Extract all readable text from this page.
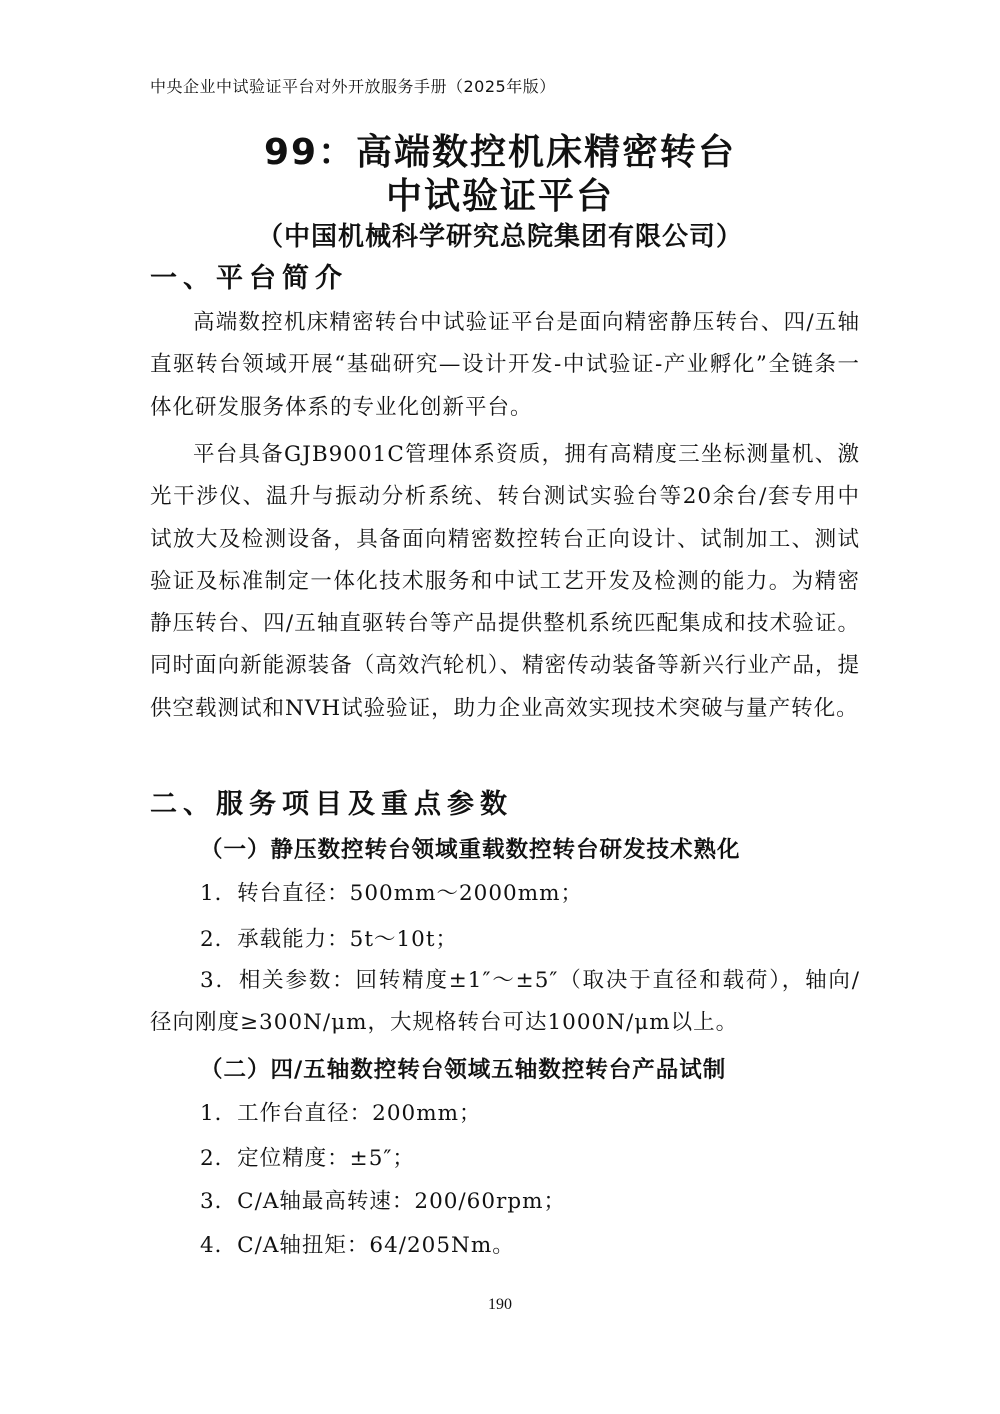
中央企业中试验证平台对外开放服务手册（2025年版）
99：高端数控机床精密转台
中试验证平台
（中国机械科学研究总院集团有限公司）
一、平台简介
高端数控机床精密转台中试验证平台是面向精密静压转台、四/五轴直驱转台领域开展“基础研究—设计开发-中试验证-产业孵化”全链条一体化研发服务体系的专业化创新平台。
平台具备GJB9001C管理体系资质，拥有高精度三坐标测量机、激光干涉仪、温升与振动分析系统、转台测试实验台等20余台/套专用中试放大及检测设备，具备面向精密数控转台正向设计、试制加工、测试验证及标准制定一体化技术服务和中试工艺开发及检测的能力。为精密静压转台、四/五轴直驱转台等产品提供整机系统匹配集成和技术验证。同时面向新能源装备（高效汽轮机）、精密传动装备等新兴行业产品，提供空载测试和NVH试验验证，助力企业高效实现技术突破与量产转化。
二、服务项目及重点参数
（一）静压数控转台领域重载数控转台研发技术熟化
1．转台直径：500mm～2000mm；
2．承载能力：5t～10t；
3．相关参数：回转精度±1″～±5″（取决于直径和载荷），轴向/径向刚度≥300N/μm，大规格转台可达1000N/μm以上。
（二）四/五轴数控转台领域五轴数控转台产品试制
1．工作台直径：200mm；
2．定位精度：±5″；
3．C/A轴最高转速：200/60rpm；
4．C/A轴扭矩：64/205Nm。
190
